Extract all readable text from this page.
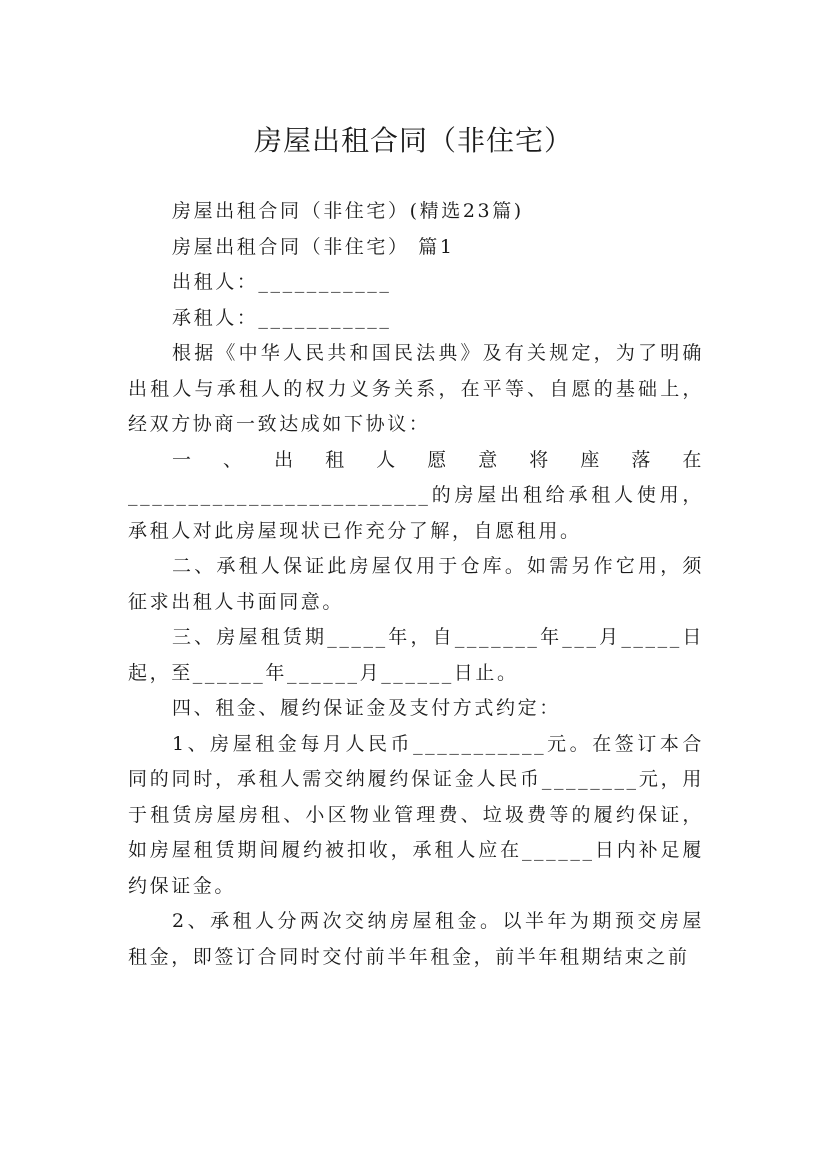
房屋出租合同（非住宅）

房屋出租合同（非住宅）(精选23篇)

房屋出租合同（非住宅） 篇1

出租人：___________

承租人：___________

根据《中华人民共和国民法典》及有关规定，为了明确出租人与承租人的权力义务关系，在平等、自愿的基础上，经双方协商一致达成如下协议：

一、出租人愿意将座落在_________________________的房屋出租给承租人使用，承租人对此房屋现状已作充分了解，自愿租用。

二、承租人保证此房屋仅用于仓库。如需另作它用，须征求出租人书面同意。

三、房屋租赁期_____年，自_______年___月_____日起，至______年______月______日止。

四、租金、履约保证金及支付方式约定：

1、房屋租金每月人民币___________元。在签订本合同的同时，承租人需交纳履约保证金人民币________元，用于租赁房屋房租、小区物业管理费、垃圾费等的履约保证，如房屋租赁期间履约被扣收，承租人应在______日内补足履约保证金。

2、承租人分两次交纳房屋租金。以半年为期预交房屋租金，即签订合同时交付前半年租金，前半年租期结束之前
